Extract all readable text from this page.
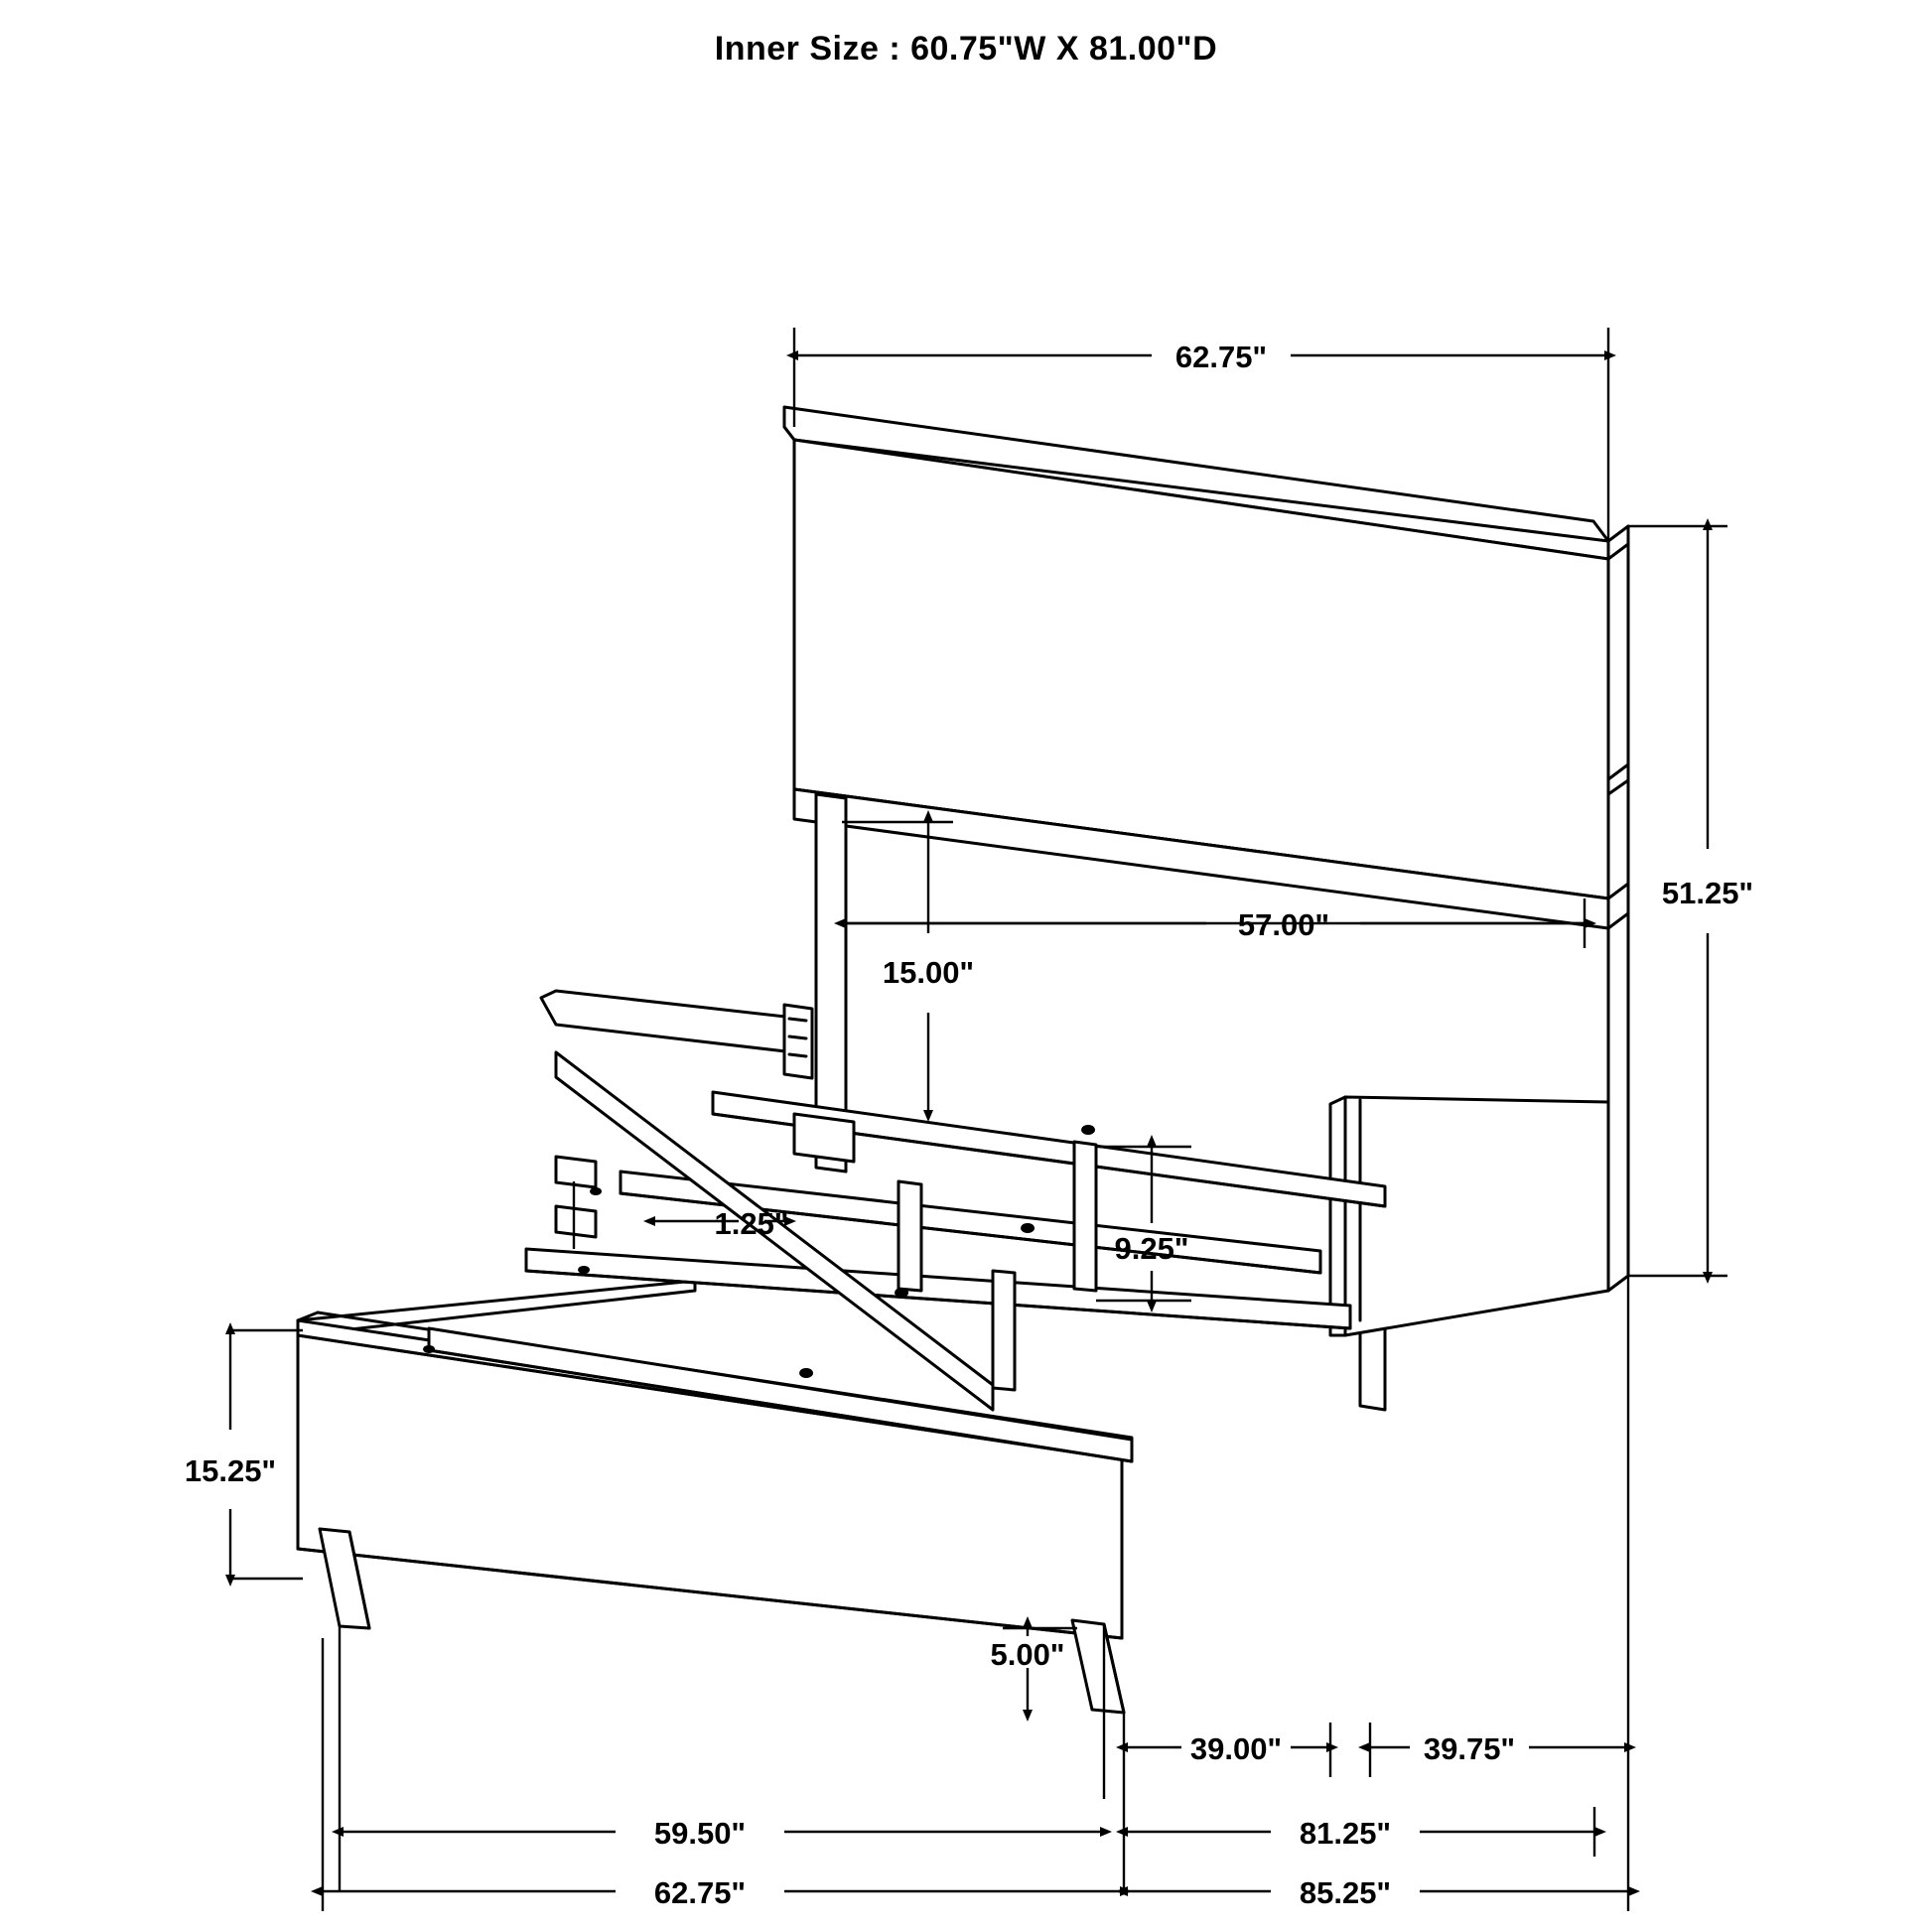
Inner Size : 60.75"W X 81.00"D
62.75"
51.25"
57.00"
15.00"
1.25"
9.25"
15.25"
5.00"
39.00"	39.75"
59.50"	81.25"
62.75"	85.25"
